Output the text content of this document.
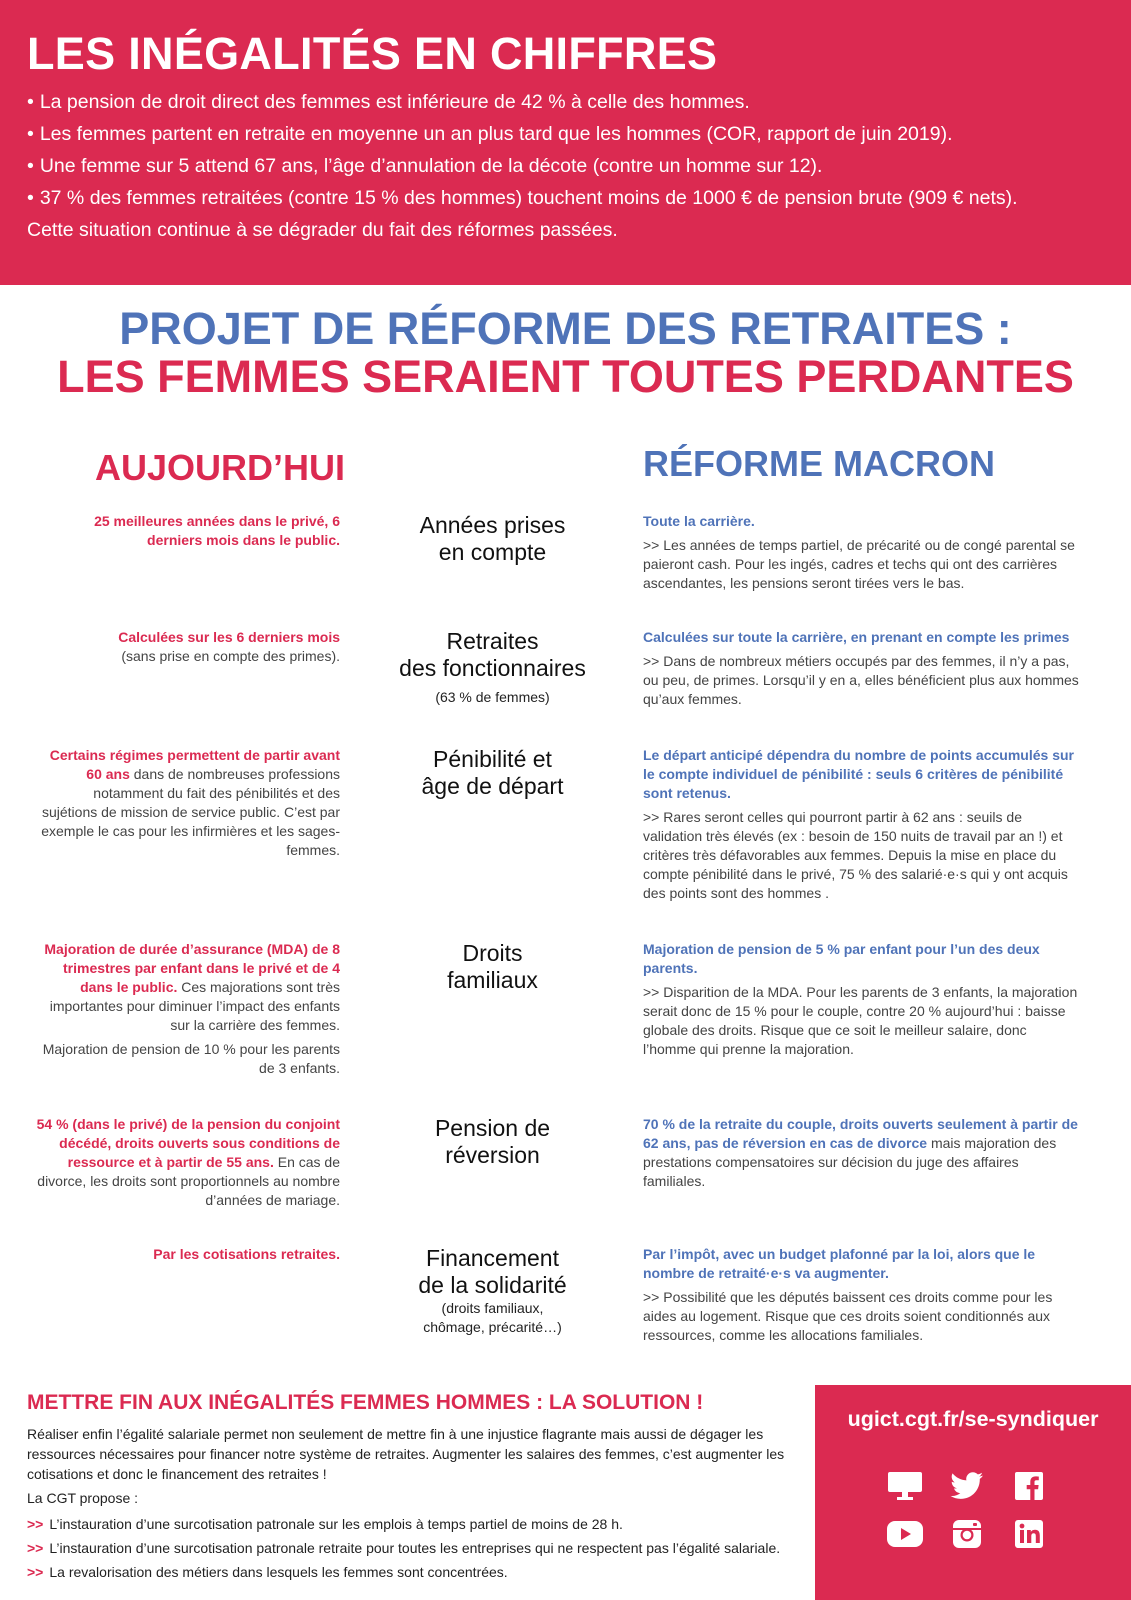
LES INÉGALITÉS EN CHIFFRES
• La pension de droit direct des femmes est inférieure de 42 % à celle des hommes.
• Les femmes partent en retraite en moyenne un an plus tard que les hommes (COR, rapport de juin 2019).
• Une femme sur 5 attend 67 ans, l’âge d’annulation de la décote (contre un homme sur 12).
• 37 % des femmes retraitées (contre 15 % des hommes) touchent moins de 1000 € de pension brute (909 € nets).
Cette situation continue à se dégrader du fait des réformes passées.
PROJET DE RÉFORME DES RETRAITES :
LES FEMMES SERAIENT TOUTES PERDANTES
AUJOURD’HUI	RÉFORME MACRON
25 meilleures années dans le privé, 6 derniers mois dans le public.
Années prises
en compte
Toute la carrière.
>> Les années de temps partiel, de précarité ou de congé parental se paieront cash. Pour les ingés, cadres et techs qui ont des carrières ascendantes, les pensions seront tirées vers le bas.
Calculées sur les 6 derniers mois
(sans prise en compte des primes).
Retraites
des fonctionnaires
(63 % de femmes)
Calculées sur toute la carrière, en prenant en compte les primes
>> Dans de nombreux métiers occupés par des femmes, il n’y a pas, ou peu, de primes. Lorsqu’il y en a, elles bénéficient plus aux hommes qu’aux femmes.
Certains régimes permettent de partir avant 60 ans dans de nombreuses professions notamment du fait des pénibilités et des sujétions de mission de service public. C’est par exemple le cas pour les infirmières et les sages-femmes.
Pénibilité et
âge de départ
Le départ anticipé dépendra du nombre de points accumulés sur le compte individuel de pénibilité : seuls 6 critères de pénibilité sont retenus.
>> Rares seront celles qui pourront partir à 62 ans : seuils de validation très élevés (ex : besoin de 150 nuits de travail par an !) et critères très défavorables aux femmes. Depuis la mise en place du compte pénibilité dans le privé, 75 % des salarié·e·s qui y ont acquis des points sont des hommes .

Majoration de durée d’assurance (MDA) de 8 trimestres par enfant dans le privé et de 4 dans le public. Ces majorations sont très importantes pour diminuer l’impact des enfants sur la carrière des femmes.

Majoration de pension de 10 % pour les parents de 3 enfants.

Droits
familiaux
Majoration de pension de 5 % par enfant pour l’un des deux parents.
>> Disparition de la MDA. Pour les parents de 3 enfants, la majoration serait donc de 15 % pour le couple, contre 20 % aujourd’hui : baisse globale des droits. Risque que ce soit le meilleur salaire, donc l’homme qui prenne la majoration.
54 % (dans le privé) de la pension du conjoint décédé, droits ouverts sous conditions de ressource et à partir de 55 ans. En cas de divorce, les droits sont proportionnels au nombre d’années de mariage.
Pension de
réversion
70 % de la retraite du couple, droits ouverts seulement à partir de 62 ans, pas de réversion en cas de divorce mais majoration des prestations compensatoires sur décision du juge des affaires familiales.
Par les cotisations retraites.	Financement
de la solidarité
(droits familiaux, chômage, précarité…)
Par l’impôt, avec un budget plafonné par la loi, alors que le nombre de retraité·e·s va augmenter.
>> Possibilité que les députés baissent ces droits comme pour les aides au logement. Risque que ces droits soient conditionnés aux ressources, comme les allocations familiales.
METTRE FIN AUX INÉGALITÉS FEMMES HOMMES : LA SOLUTION !
Réaliser enfin l’égalité salariale permet non seulement de mettre fin à une injustice flagrante mais aussi de dégager les ressources nécessaires pour financer notre système de retraites. Augmenter les salaires des femmes, c’est augmenter les cotisations et donc le financement des retraites !
La CGT propose :
>> L’instauration d’une surcotisation patronale sur les emplois à temps partiel de moins de 28 h.
>> L’instauration d’une surcotisation patronale retraite pour toutes les entreprises qui ne respectent pas l’égalité salariale.
>> La revalorisation des métiers dans lesquels les femmes sont concentrées.
ugict.cgt.fr/se-syndiquer
